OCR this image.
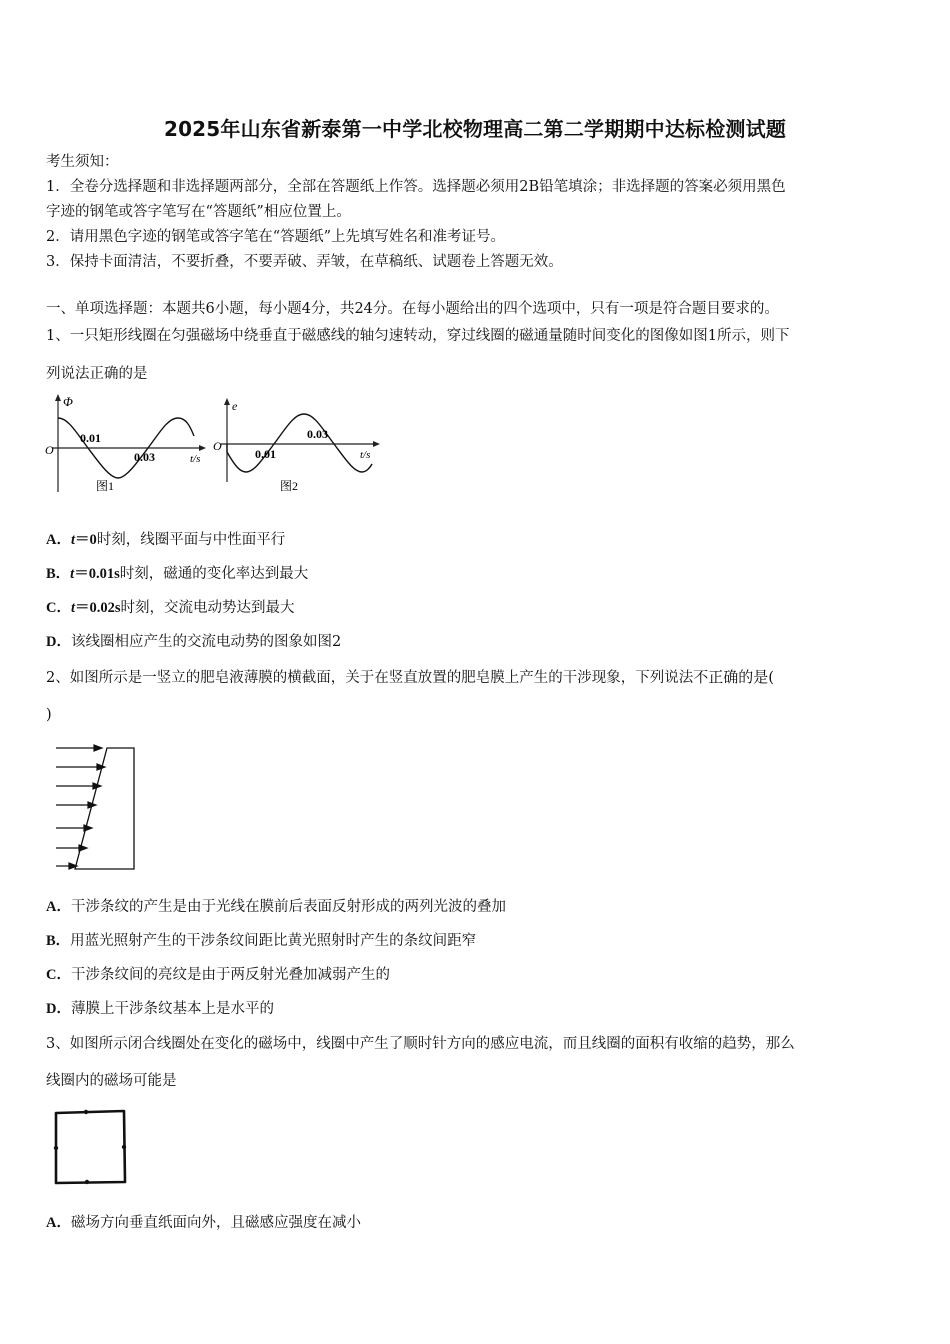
2025年山东省新泰第一中学北校物理高二第二学期期中达标检测试题
考生须知：
1．全卷分选择题和非选择题两部分，全部在答题纸上作答。选择题必须用2B铅笔填涂；非选择题的答案必须用黑色
字迹的钢笔或答字笔写在“答题纸”相应位置上。
2．请用黑色字迹的钢笔或答字笔在“答题纸”上先填写姓名和准考证号。
3．保持卡面清洁，不要折叠，不要弄破、弄皱，在草稿纸、试题卷上答题无效。
一、单项选择题：本题共6小题，每小题4分，共24分。在每小题给出的四个选项中，只有一项是符合题目要求的。
1、一只矩形线圈在匀强磁场中绕垂直于磁感线的轴匀速转动，穿过线圈的磁通量随时间变化的图像如图1所示，则下
列说法正确的是
Φ
O
0.01
0.03	t/s
图1
e
O
0.01
0.03
t/s
图2
A．t＝0时刻，线圈平面与中性面平行
B．t＝0.01s时刻，磁通的变化率达到最大
C．t＝0.02s时刻，交流电动势达到最大
D．该线圈相应产生的交流电动势的图象如图2
2、如图所示是一竖立的肥皂液薄膜的横截面，关于在竖直放置的肥皂膜上产生的干涉现象，下列说法不正确的是(
)
A．干涉条纹的产生是由于光线在膜前后表面反射形成的两列光波的叠加
B．用蓝光照射产生的干涉条纹间距比黄光照射时产生的条纹间距窄
C．干涉条纹间的亮纹是由于两反射光叠加减弱产生的
D．薄膜上干涉条纹基本上是水平的
3、如图所示闭合线圈处在变化的磁场中，线圈中产生了顺时针方向的感应电流，而且线圈的面积有收缩的趋势，那么
线圈内的磁场可能是
A．磁场方向垂直纸面向外，且磁感应强度在减小
